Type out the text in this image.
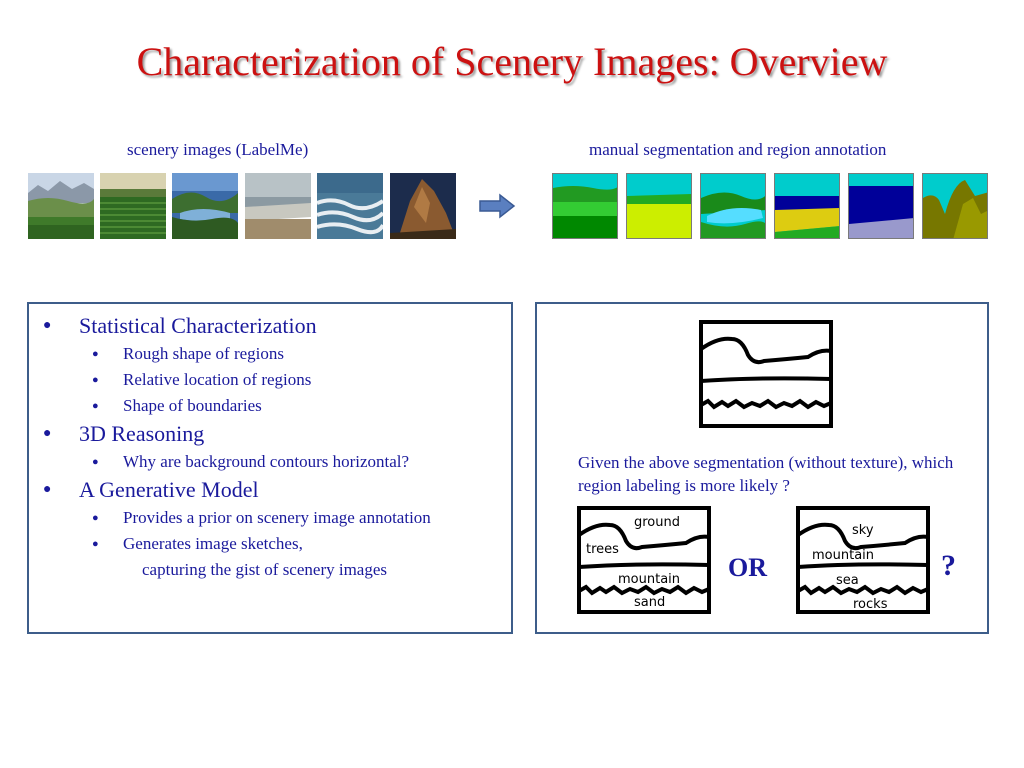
Characterization of Scenery Images: Overview
scenery images (LabelMe)	manual segmentation and region annotation
● Statistical Characterization
● Rough shape of regions
● Relative location of regions
● Shape of boundaries
● 3D Reasoning
● Why are background contours horizontal?
● A Generative Model
● Provides a prior on scenery image annotation
● Generates image sketches,
capturing the gist of scenery images
Given the above segmentation (without texture), which region labeling is more likely ?
ground
trees
mountain
sand
OR
sky
mountain
sea
rocks
?
